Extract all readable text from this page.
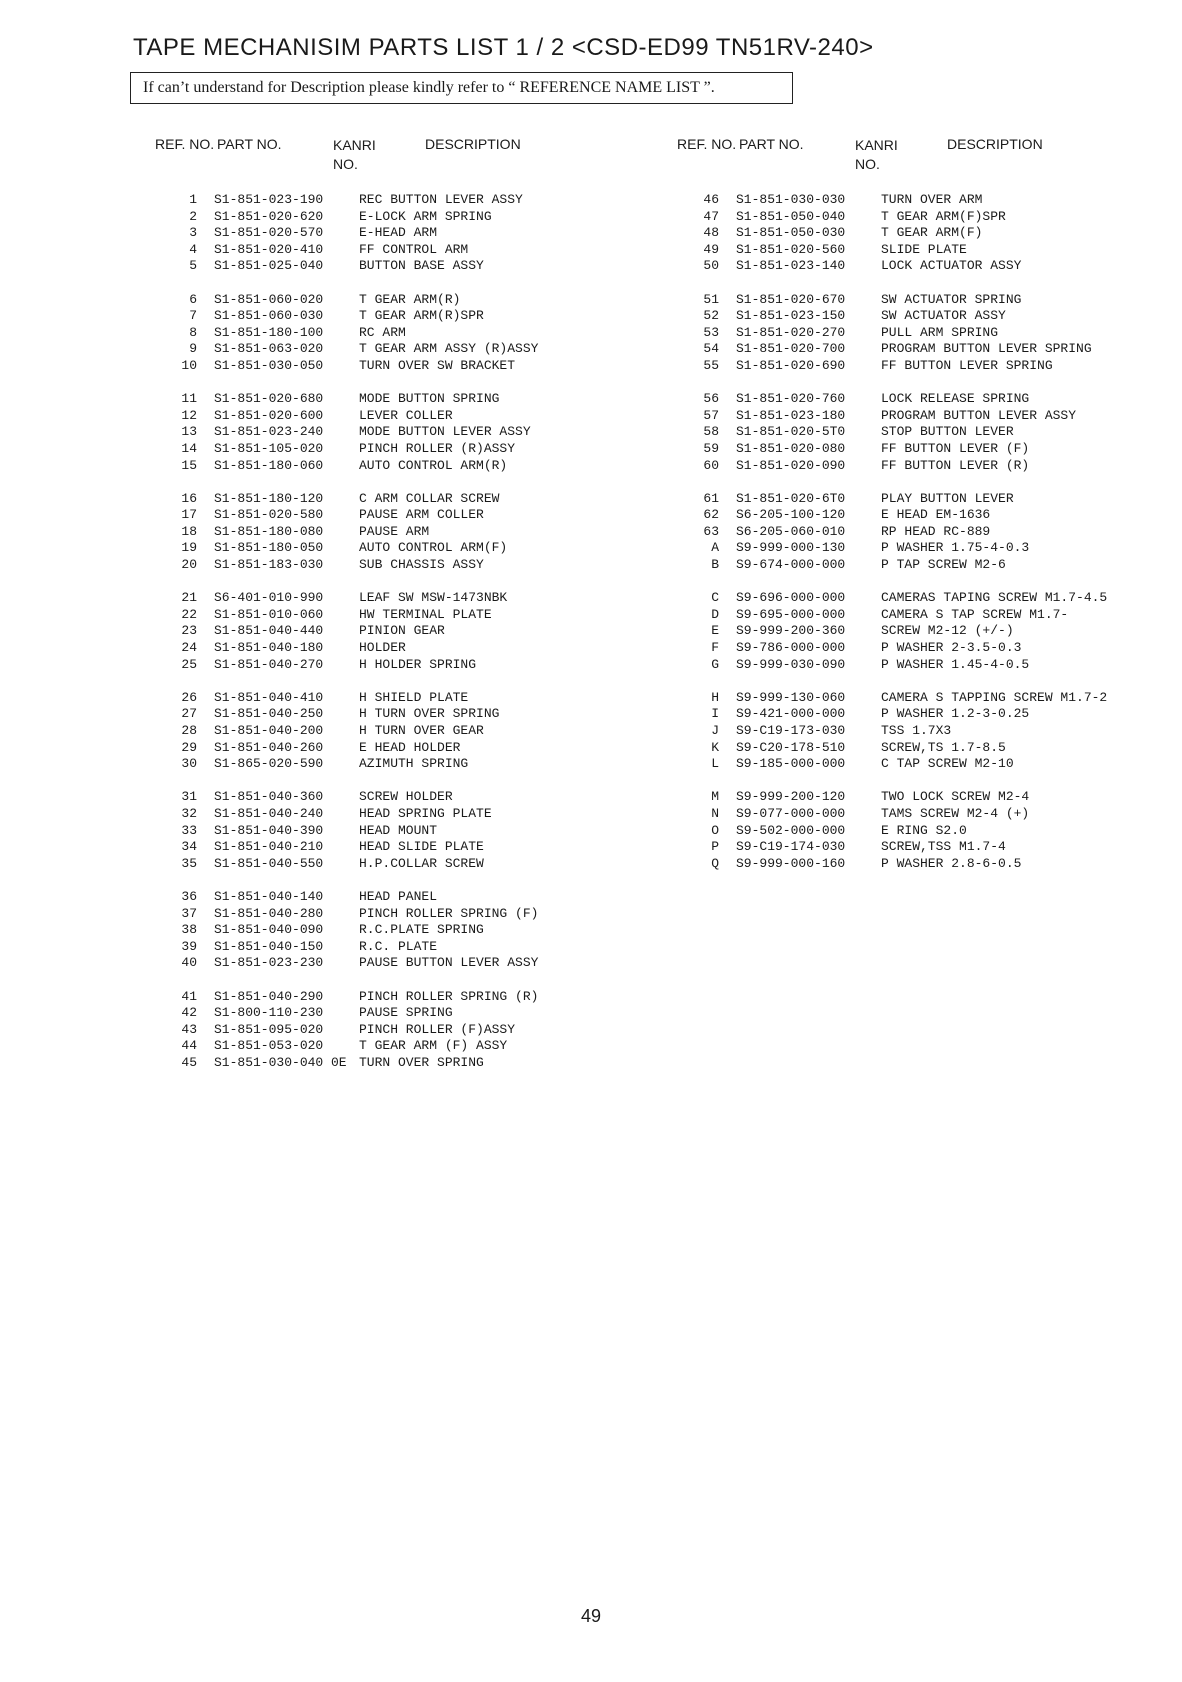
TAPE MECHANISIM PARTS LIST 1 / 2 <CSD-ED99 TN51RV-240>
If can’t understand for Description please kindly refer to “ REFERENCE NAME LIST ”.
REF. NO. PART NO.	KANRI
NO.
DESCRIPTION
1 S1-851-023-190	REC BUTTON LEVER ASSY
2 S1-851-020-620	E-LOCK ARM SPRING
3 S1-851-020-570	E-HEAD ARM
4 S1-851-020-410	FF CONTROL ARM
5 S1-851-025-040	BUTTON BASE ASSY
6 S1-851-060-020	T GEAR ARM(R)
7 S1-851-060-030	T GEAR ARM(R)SPR
8 S1-851-180-100	RC ARM
9 S1-851-063-020	T GEAR ARM ASSY (R)ASSY
10 S1-851-030-050	TURN OVER SW BRACKET
11 S1-851-020-680	MODE BUTTON SPRING
12 S1-851-020-600	LEVER COLLER
13 S1-851-023-240	MODE BUTTON LEVER ASSY
14 S1-851-105-020	PINCH ROLLER (R)ASSY
15 S1-851-180-060	AUTO CONTROL ARM(R)
16 S1-851-180-120	C ARM COLLAR SCREW
17 S1-851-020-580	PAUSE ARM COLLER
18 S1-851-180-080	PAUSE ARM
19 S1-851-180-050	AUTO CONTROL ARM(F)
20 S1-851-183-030	SUB CHASSIS ASSY
21 S6-401-010-990	LEAF SW MSW-1473NBK
22 S1-851-010-060	HW TERMINAL PLATE
23 S1-851-040-440	PINION GEAR
24 S1-851-040-180	HOLDER
25 S1-851-040-270	H HOLDER SPRING
26 S1-851-040-410	H SHIELD PLATE
27 S1-851-040-250	H TURN OVER SPRING
28 S1-851-040-200	H TURN OVER GEAR
29 S1-851-040-260	E HEAD HOLDER
30 S1-865-020-590	AZIMUTH SPRING
31 S1-851-040-360	SCREW HOLDER
32 S1-851-040-240	HEAD SPRING PLATE
33 S1-851-040-390	HEAD MOUNT
34 S1-851-040-210	HEAD SLIDE PLATE
35 S1-851-040-550	H.P.COLLAR SCREW
36 S1-851-040-140	HEAD PANEL
37 S1-851-040-280	PINCH ROLLER SPRING (F)
38 S1-851-040-090	R.C.PLATE SPRING
39 S1-851-040-150	R.C. PLATE
40 S1-851-023-230	PAUSE BUTTON LEVER ASSY
41 S1-851-040-290	PINCH ROLLER SPRING (R)
42 S1-800-110-230	PAUSE SPRING
43 S1-851-095-020	PINCH ROLLER (F)ASSY
44 S1-851-053-020	T GEAR ARM (F) ASSY
45 S1-851-030-040 0E TURN OVER SPRING
REF. NO. PART NO.	KANRI
NO.
DESCRIPTION
46 S1-851-030-030	TURN OVER ARM
47 S1-851-050-040	T GEAR ARM(F)SPR
48 S1-851-050-030	T GEAR ARM(F)
49 S1-851-020-560	SLIDE PLATE
50 S1-851-023-140	LOCK ACTUATOR ASSY
51 S1-851-020-670	SW ACTUATOR SPRING
52 S1-851-023-150	SW ACTUATOR ASSY
53 S1-851-020-270	PULL ARM SPRING
54 S1-851-020-700	PROGRAM BUTTON LEVER SPRING
55 S1-851-020-690	FF BUTTON LEVER SPRING
56 S1-851-020-760	LOCK RELEASE SPRING
57 S1-851-023-180	PROGRAM BUTTON LEVER ASSY
58 S1-851-020-5T0	STOP BUTTON LEVER
59 S1-851-020-080	FF BUTTON LEVER (F)
60 S1-851-020-090	FF BUTTON LEVER (R)
61 S1-851-020-6T0	PLAY BUTTON LEVER
62 S6-205-100-120	E HEAD EM-1636
63 S6-205-060-010	RP HEAD RC-889
A S9-999-000-130	P WASHER 1.75-4-0.3
B S9-674-000-000	P TAP SCREW M2-6
C S9-696-000-000	CAMERAS TAPING SCREW M1.7-4.5
D S9-695-000-000	CAMERA S TAP SCREW M1.7-
E S9-999-200-360	SCREW M2-12 (+/-)
F S9-786-000-000	P WASHER 2-3.5-0.3
G S9-999-030-090	P WASHER 1.45-4-0.5
H S9-999-130-060	CAMERA S TAPPING SCREW M1.7-2
I S9-421-000-000	P WASHER 1.2-3-0.25
J S9-C19-173-030	TSS 1.7X3
K S9-C20-178-510	SCREW,TS 1.7-8.5
L S9-185-000-000	C TAP SCREW M2-10
M S9-999-200-120	TWO LOCK SCREW M2-4
N S9-077-000-000	TAMS SCREW M2-4 (+)
O S9-502-000-000	E RING S2.0
P S9-C19-174-030	SCREW,TSS M1.7-4
Q S9-999-000-160	P WASHER 2.8-6-0.5
49
